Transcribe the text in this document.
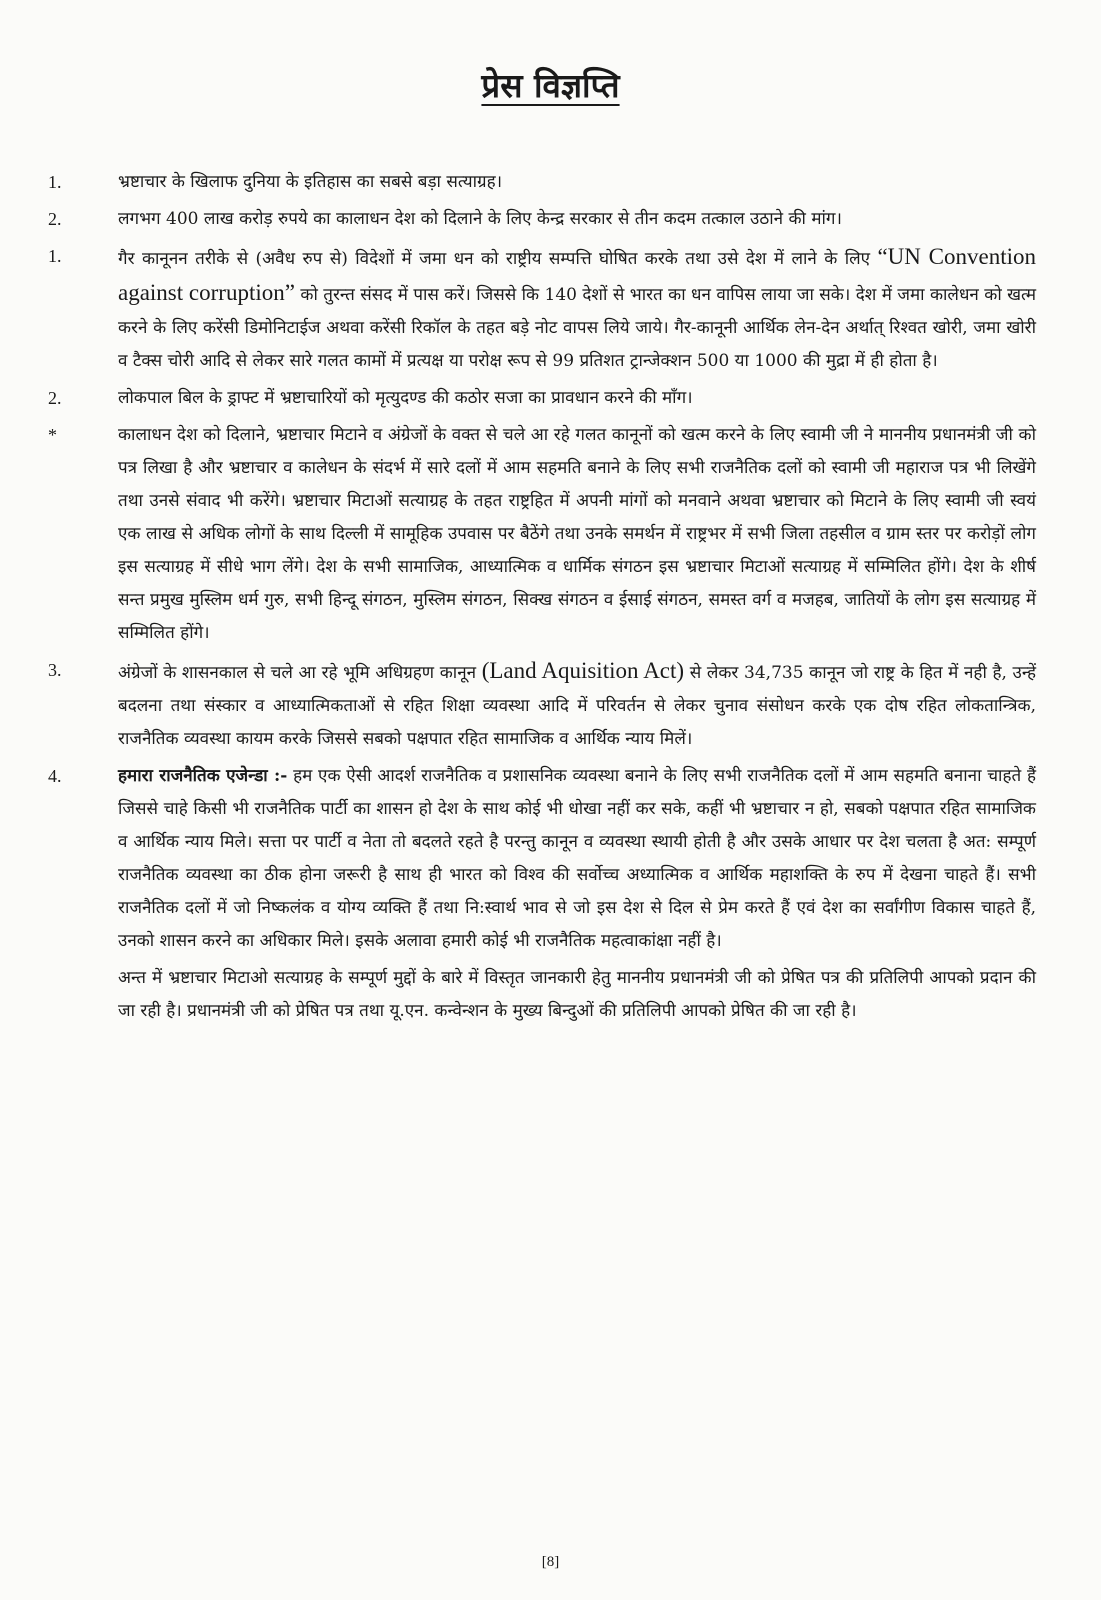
प्रेस विज्ञप्ति
1.	भ्रष्टाचार के खिलाफ दुनिया के इतिहास का सबसे बड़ा सत्याग्रह।
2.	लगभग 400 लाख करोड़ रुपये का कालाधन देश को दिलाने के लिए केन्द्र सरकार से तीन कदम तत्काल उठाने की मांग।
1.	गैर कानूनन तरीके से (अवैध रुप से) विदेशों में जमा धन को राष्ट्रीय सम्पत्ति घोषित करके तथा उसे देश में लाने के लिए “UN Convention against corruption” को तुरन्त संसद में पास करें। जिससे कि 140 देशों से भारत का धन वापिस लाया जा सके। देश में जमा कालेधन को खत्म करने के लिए करेंसी डिमोनिटाईज अथवा करेंसी रिकॉल के तहत बड़े नोट वापस लिये जाये। गैर-कानूनी आर्थिक लेन-देन अर्थात् रिश्वत खोरी, जमा खोरी व टैक्स चोरी आदि से लेकर सारे गलत कामों में प्रत्यक्ष या परोक्ष रूप से 99 प्रतिशत ट्रान्जेक्शन 500 या 1000 की मुद्रा में ही होता है।
2.	लोकपाल बिल के ड्राफ्ट में भ्रष्टाचारियों को मृत्युदण्ड की कठोर सजा का प्रावधान करने की माँग।
*	कालाधन देश को दिलाने, भ्रष्टाचार मिटाने व अंग्रेजों के वक्त से चले आ रहे गलत कानूनों को खत्म करने के लिए स्वामी जी ने माननीय प्रधानमंत्री जी को पत्र लिखा है और भ्रष्टाचार व कालेधन के संदर्भ में सारे दलों में आम सहमति बनाने के लिए सभी राजनैतिक दलों को स्वामी जी महाराज पत्र भी लिखेंगे तथा उनसे संवाद भी करेंगे। भ्रष्टाचार मिटाओं सत्याग्रह के तहत राष्ट्रहित में अपनी मांगों को मनवाने अथवा भ्रष्टाचार को मिटाने के लिए स्वामी जी स्वयं एक लाख से अधिक लोगों के साथ दिल्ली में सामूहिक उपवास पर बैठेंगे तथा उनके समर्थन में राष्ट्रभर में सभी जिला तहसील व ग्राम स्तर पर करोड़ों लोग इस सत्याग्रह में सीधे भाग लेंगे। देश के सभी सामाजिक, आध्यात्मिक व धार्मिक संगठन इस भ्रष्टाचार मिटाओं सत्याग्रह में सम्मिलित होंगे। देश के शीर्ष सन्त प्रमुख मुस्लिम धर्म गुरु, सभी हिन्दू संगठन, मुस्लिम संगठन, सिक्ख संगठन व ईसाई संगठन, समस्त वर्ग व मजहब, जातियों के लोग इस सत्याग्रह में सम्मिलित होंगे।
3.	अंग्रेजों के शासनकाल से चले आ रहे भूमि अधिग्रहण कानून (Land Aquisition Act) से लेकर 34,735 कानून जो राष्ट्र के हित में नही है, उन्हें बदलना तथा संस्कार व आध्यात्मिकताओं से रहित शिक्षा व्यवस्था आदि में परिवर्तन से लेकर चुनाव संसोधन करके एक दोष रहित लोकतान्त्रिक, राजनैतिक व्यवस्था कायम करके जिससे सबको पक्षपात रहित सामाजिक व आर्थिक न्याय मिलें।
4.	हमारा राजनैतिक एजेन्डा :- हम एक ऐसी आदर्श राजनैतिक व प्रशासनिक व्यवस्था बनाने के लिए सभी राजनैतिक दलों में आम सहमति बनाना चाहते हैं जिससे चाहे किसी भी राजनैतिक पार्टी का शासन हो देश के साथ कोई भी धोखा नहीं कर सके, कहीं भी भ्रष्टाचार न हो, सबको पक्षपात रहित सामाजिक व आर्थिक न्याय मिले। सत्ता पर पार्टी व नेता तो बदलते रहते है परन्तु कानून व व्यवस्था स्थायी होती है और उसके आधार पर देश चलता है अत: सम्पूर्ण राजनैतिक व्यवस्था का ठीक होना जरूरी है साथ ही भारत को विश्व की सर्वोच्च अध्यात्मिक व आर्थिक महाशक्ति के रुप में देखना चाहते हैं। सभी राजनैतिक दलों में जो निष्कलंक व योग्य व्यक्ति हैं तथा नि:स्वार्थ भाव से जो इस देश से दिल से प्रेम करते हैं एवं देश का सर्वांगीण विकास चाहते हैं, उनको शासन करने का अधिकार मिले। इसके अलावा हमारी कोई भी राजनैतिक महत्वाकांक्षा नहीं है।
अन्त में भ्रष्टाचार मिटाओ सत्याग्रह के सम्पूर्ण मुद्दों के बारे में विस्तृत जानकारी हेतु माननीय प्रधानमंत्री जी को प्रेषित पत्र की प्रतिलिपी आपको प्रदान की जा रही है। प्रधानमंत्री जी को प्रेषित पत्र तथा यू.एन. कन्वेन्शन के मुख्य बिन्दुओं की प्रतिलिपी आपको प्रेषित की जा रही है।
[8]
